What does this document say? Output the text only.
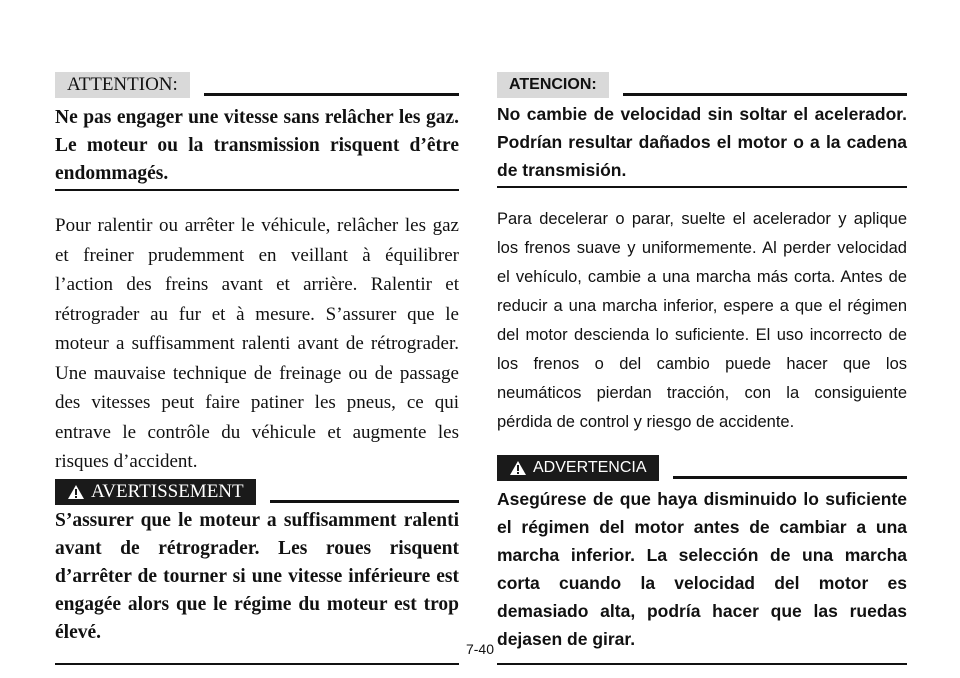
ATTENTION:

Ne pas engager une vitesse sans relâcher les gaz. Le moteur ou la transmission risquent d’être endommagés.

Pour ralentir ou arrêter le véhicule, relâcher les gaz et freiner prudemment en veillant à équilibrer l’action des freins avant et arrière. Ralentir et rétrograder au fur et à mesure. S’assurer que le moteur a suffisamment ralenti avant de rétrograder. Une mauvaise technique de freinage ou de passage des vitesses peut faire patiner les pneus, ce qui entrave le contrôle du véhicule et augmente les risques d’accident.

AVERTISSEMENT

S’assurer que le moteur a suffisamment ralenti avant de rétrograder. Les roues risquent d’arrêter de tourner si une vitesse inférieure est engagée alors que le régime du moteur est trop élevé.

ATENCION:

No cambie de velocidad sin soltar el acelerador. Podrían resultar dañados el motor o a la cadena de transmisión.

Para decelerar o parar, suelte el acelerador y aplique los frenos suave y uniformemente. Al perder velocidad el vehículo, cambie a una marcha más corta. Antes de reducir a una marcha inferior, espere a que el régimen del motor descienda lo suficiente. El uso incorrecto de los frenos o del cambio puede hacer que los neumáticos pierdan tracción, con la consiguiente pérdida de control y riesgo de accidente.

ADVERTENCIA

Asegúrese de que haya disminuido lo suficiente el régimen del motor antes de cambiar a una marcha inferior. La selección de una marcha corta cuando la velocidad del motor es demasiado alta, podría hacer que las ruedas dejasen de girar.

7-40
